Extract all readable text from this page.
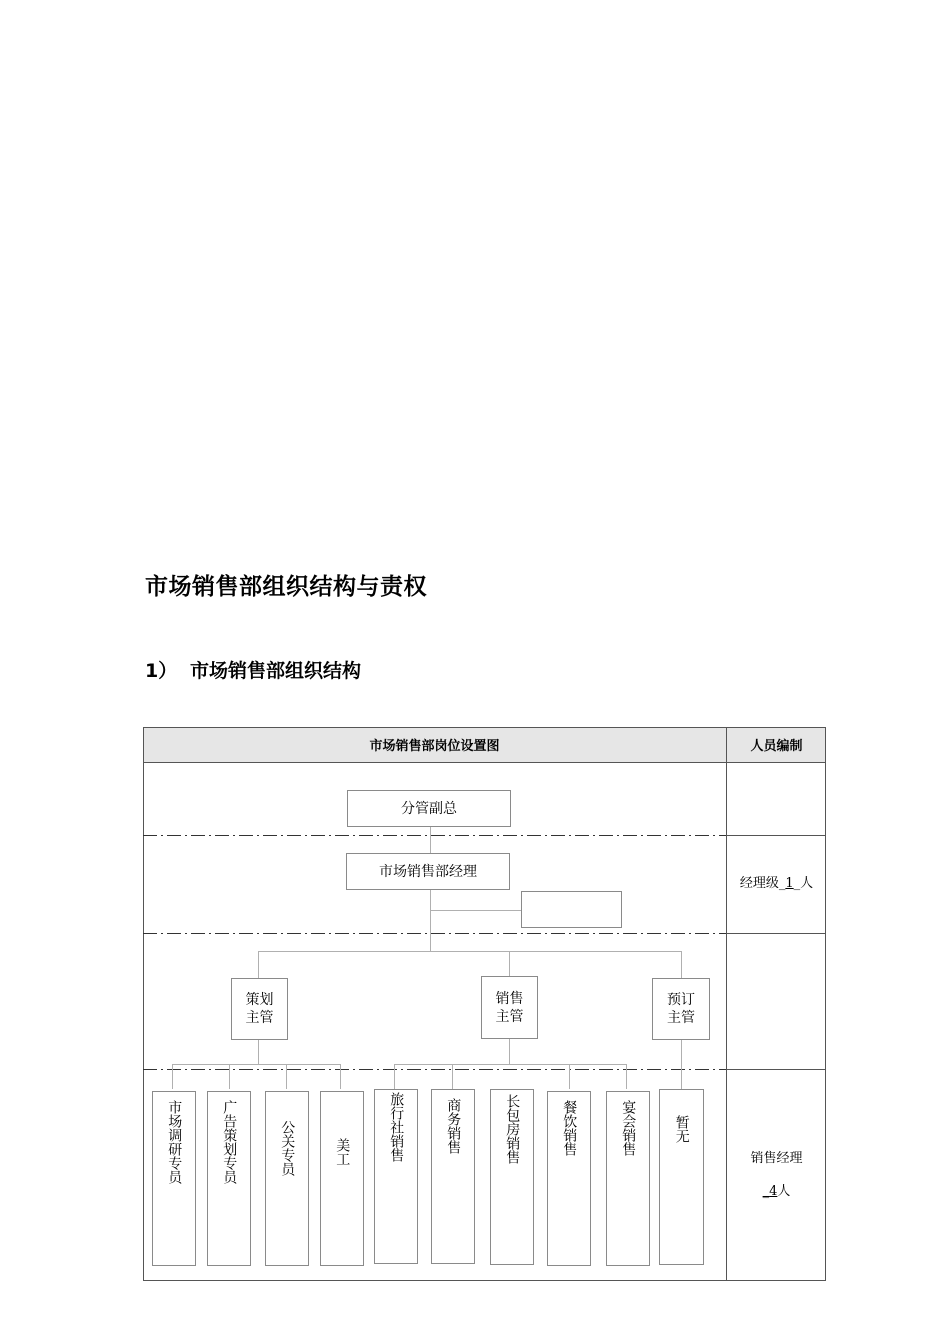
市场销售部组织结构与责权
1） 市场销售部组织结构
市场销售部岗位设置图	人员编制
分管副总
市场销售部经理
策划
主管
销售
主管
预订
主管
市场调研专员	广告策划专员	公关专员	美工	旅行社销售	商务销售	长包房销售	餐饮销售	宴会销售	暂无
经理级_1_人
销售经理
_4人
